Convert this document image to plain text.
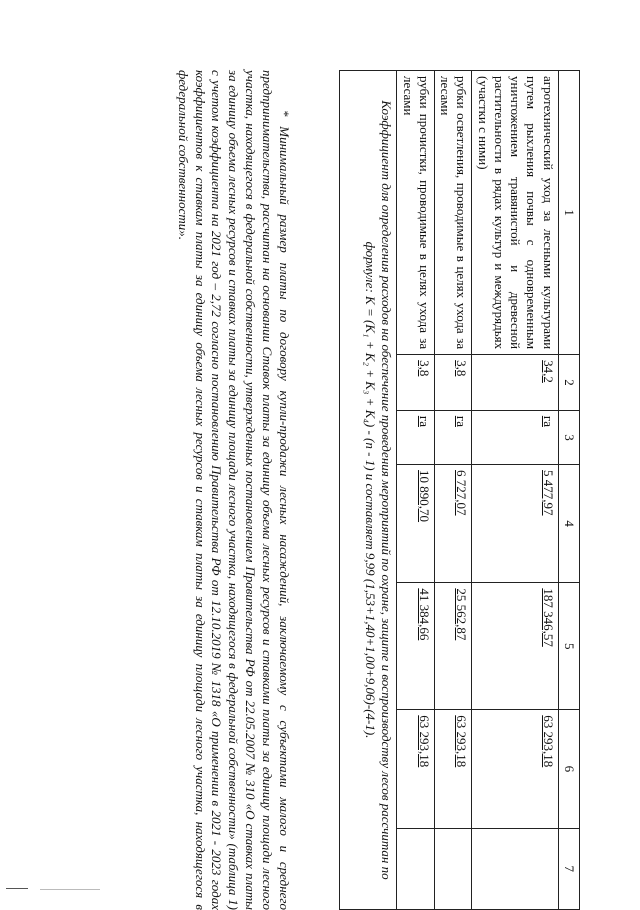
1	2	3	4	5	6	7
агротехнический уход за лесными культурами путем рыхления почвы с одновременным уничтожением травянистой и древесной растительности в рядах культур и междурядьях (участки с ними)	34,2	га	5 477,97	187 346,57	63 293,18	
рубки осветления, проводимые в целях ухода за лесами	3,8	га	6 727,07	25 562,87	63 293,18	
рубки прочистки, проводимые в целях ухода за лесами	3,8	га	10 890,70	41 384,66	63 293,18	
Коэффициент для определения расходов на обеспечение проведения мероприятий по охране, защите и воспроизводству лесов рассчитан по формуле: K = (K₁ + K₂ + K₃ + K₄) - (n - 1) и составляет 9,99 (1,53+1,40+1,00+9,06)-(4-1).						

* Минимальный размер платы по договору купли-продажи лесных насаждений, заключаемому с субъектами малого и среднего предпринимательства, рассчитан на основании Ставок платы за единицу объема лесных ресурсов и ставками платы за единицу площади лесного участка, находящегося в федеральной собственности, утвержденных постановлением Правительства РФ от 22.05.2007 № 310 «О ставках платы за единицу объема лесных ресурсов и ставках платы за единицу площади лесного участка, находящегося в федеральной собственности» (таблица 1) с учетом коэффициента на 2021 год – 2,72 согласно постановлению Правительства РФ от 12.10.2019 № 1318 «О применении в 2021 - 2023 годах коэффициентов к ставкам платы за единицу объема лесных ресурсов и ставкам платы за единицу площади лесного участка, находящегося в федеральной собственности».
